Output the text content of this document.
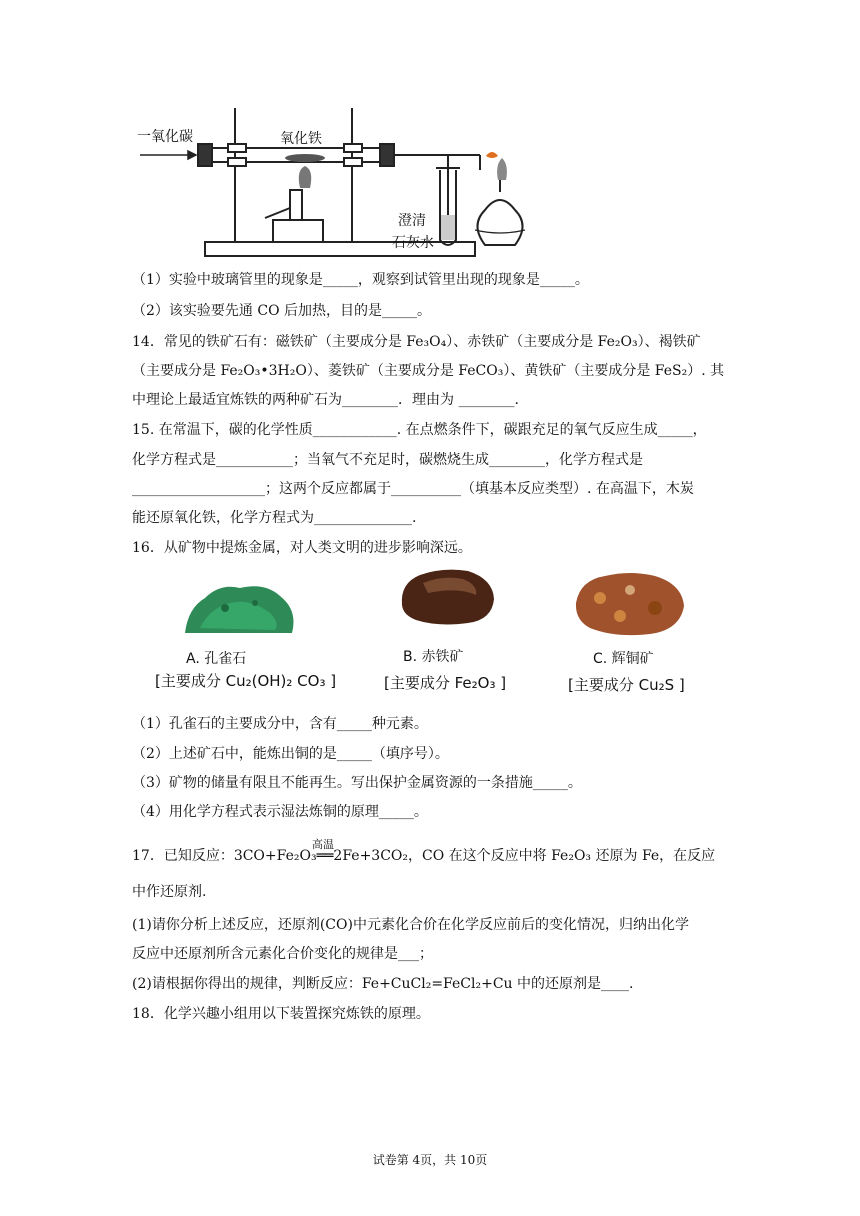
一氧化碳	氧化铁
澄清
石灰水
（1）实验中玻璃管里的现象是_____，观察到试管里出现的现象是_____。
（2）该实验要先通 CO 后加热，目的是_____。
14．常见的铁矿石有：磁铁矿（主要成分是 Fe₃O₄）、赤铁矿（主要成分是 Fe₂O₃）、褐铁矿
（主要成分是 Fe₂O₃•3H₂O）、菱铁矿（主要成分是 FeCO₃）、黄铁矿（主要成分是 FeS₂）. 其
中理论上最适宜炼铁的两种矿石为________．理由为 ________.
15. 在常温下，碳的化学性质____________. 在点燃条件下，碳跟充足的氧气反应生成_____，
化学方程式是___________；当氧气不充足时，碳燃烧生成________，化学方程式是
___________________；这两个反应都属于__________（填基本反应类型）. 在高温下，木炭
能还原氧化铁，化学方程式为______________.
16．从矿物中提炼金属，对人类文明的进步影响深远。
A. 孔雀石
[主要成分 Cu₂(OH)₂ CO₃ ]
B. 赤铁矿
[主要成分 Fe₂O₃ ]
C. 辉铜矿
[主要成分 Cu₂S ]
（1）孔雀石的主要成分中，含有_____种元素。
（2）上述矿石中，能炼出铜的是_____（填序号）。
（3）矿物的储量有限且不能再生。写出保护金属资源的一条措施_____。
（4）用化学方程式表示湿法炼铜的原理_____。
高温
17．已知反应：3CO+Fe₂O₃══2Fe+3CO₂，CO 在这个反应中将 Fe₂O₃ 还原为 Fe，在反应
中作还原剂.
(1)请你分析上述反应，还原剂(CO)中元素化合价在化学反应前后的变化情况，归纳出化学
反应中还原剂所含元素化合价变化的规律是___；
(2)请根据你得出的规律，判断反应：Fe+CuCl₂=FeCl₂+Cu 中的还原剂是____.
18．化学兴趣小组用以下装置探究炼铁的原理。
试卷第 4页，共 10页
